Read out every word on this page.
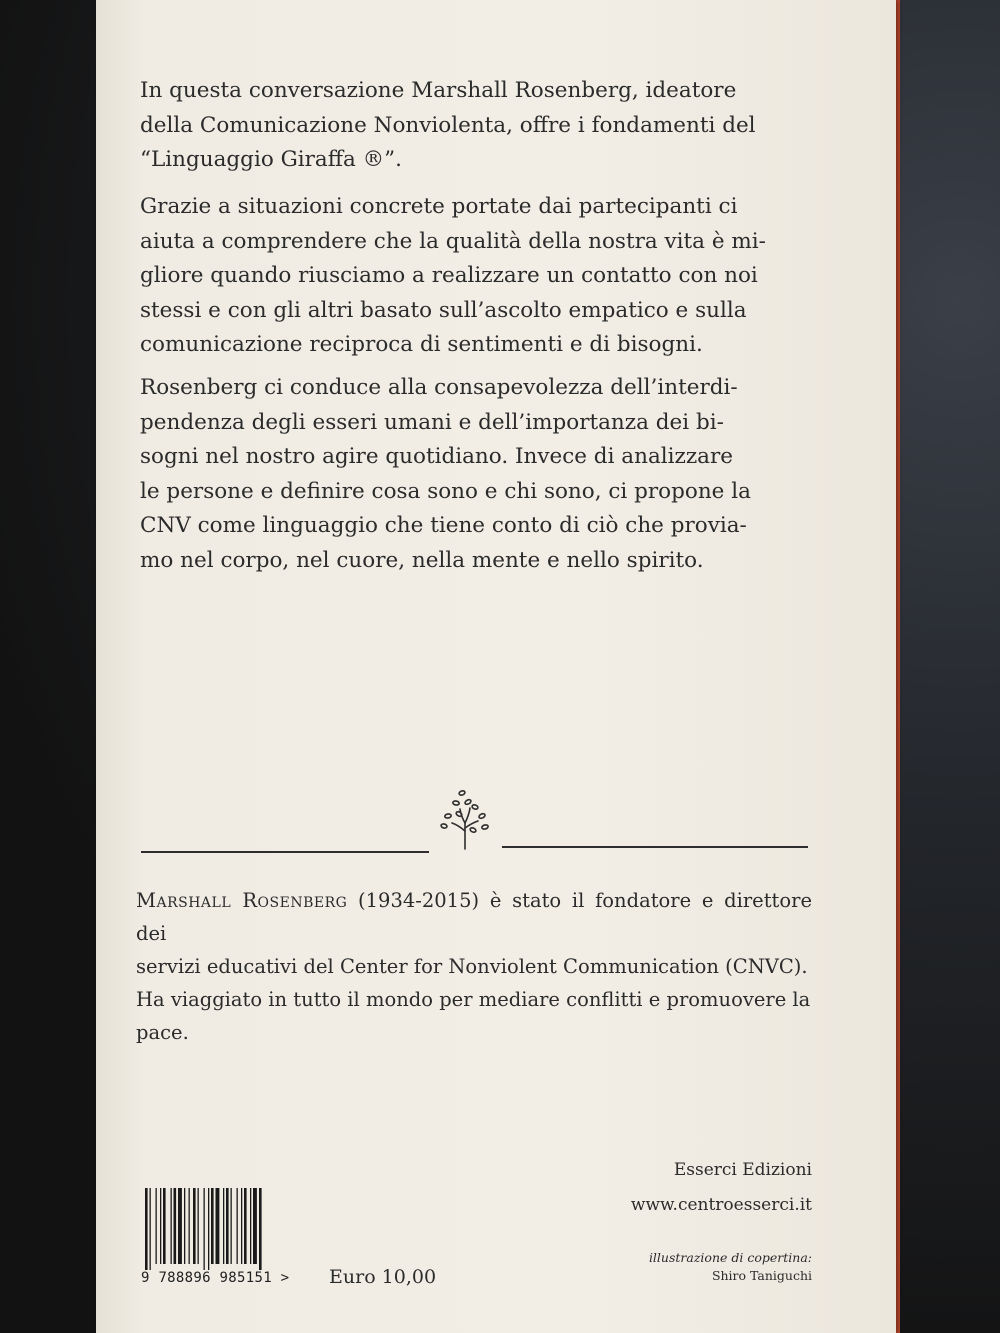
In questa conversazione Marshall Rosenberg, ideatore
della Comunicazione Nonviolenta, offre i fondamenti del
“Linguaggio Giraffa ®”.

Grazie a situazioni concrete portate dai partecipanti ci
aiuta a comprendere che la qualità della nostra vita è mi-
gliore quando riusciamo a realizzare un contatto con noi
stessi e con gli altri basato sull’ascolto empatico e sulla
comunicazione reciproca di sentimenti e di bisogni.

Rosenberg ci conduce alla consapevolezza dell’interdi-
pendenza degli esseri umani e dell’importanza dei bi-
sogni nel nostro agire quotidiano. Invece di analizzare
le persone e definire cosa sono e chi sono, ci propone la
CNV come linguaggio che tiene conto di ciò che provia-
mo nel corpo, nel cuore, nella mente e nello spirito.

Marshall Rosenberg (1934-2015) è stato il fondatore e direttore dei
servizi educativi del Center for Nonviolent Communication (CNVC).
Ha viaggiato in tutto il mondo per mediare conflitti e promuovere la
pace.

Esserci Edizioni

www.centroesserci.it

illustrazione di copertina:

Shiro Taniguchi

9 788896 985151 > Euro 10,00
